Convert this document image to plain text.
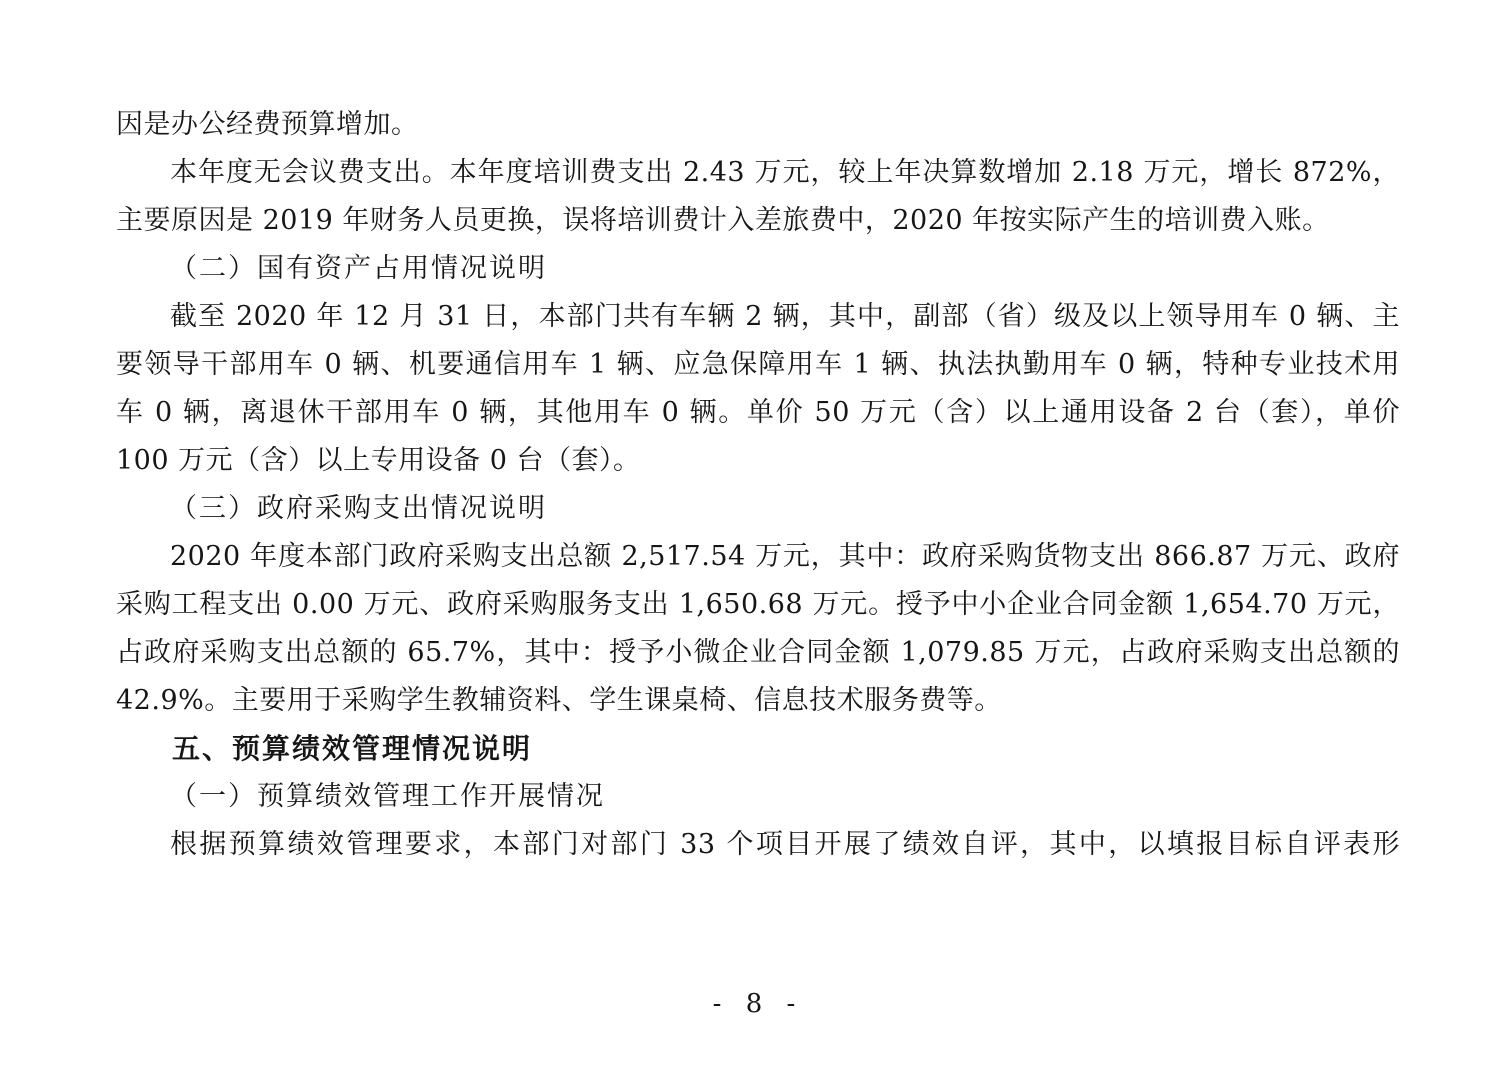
因是办公经费预算增加。

本年度无会议费支出。本年度培训费支出 2.43 万元，较上年决算数增加 2.18 万元，增长 872%，

主要原因是 2019 年财务人员更换，误将培训费计入差旅费中，2020 年按实际产生的培训费入账。

（二）国有资产占用情况说明

截至 2020 年 12 月 31 日，本部门共有车辆 2 辆，其中，副部（省）级及以上领导用车 0 辆、主

要领导干部用车 0 辆、机要通信用车 1 辆、应急保障用车 1 辆、执法执勤用车 0 辆，特种专业技术用

车 0 辆，离退休干部用车 0 辆，其他用车 0 辆。单价 50 万元（含）以上通用设备 2 台（套），单价

100 万元（含）以上专用设备 0 台（套）。

（三）政府采购支出情况说明

2020 年度本部门政府采购支出总额 2,517.54 万元，其中：政府采购货物支出 866.87 万元、政府

采购工程支出 0.00 万元、政府采购服务支出 1,650.68 万元。授予中小企业合同金额 1,654.70 万元，

占政府采购支出总额的 65.7%，其中：授予小微企业合同金额 1,079.85 万元，占政府采购支出总额的

42.9%。主要用于采购学生教辅资料、学生课桌椅、信息技术服务费等。

五、预算绩效管理情况说明

（一）预算绩效管理工作开展情况

根据预算绩效管理要求，本部门对部门 33 个项目开展了绩效自评，其中，以填报目标自评表形

- 8 -
